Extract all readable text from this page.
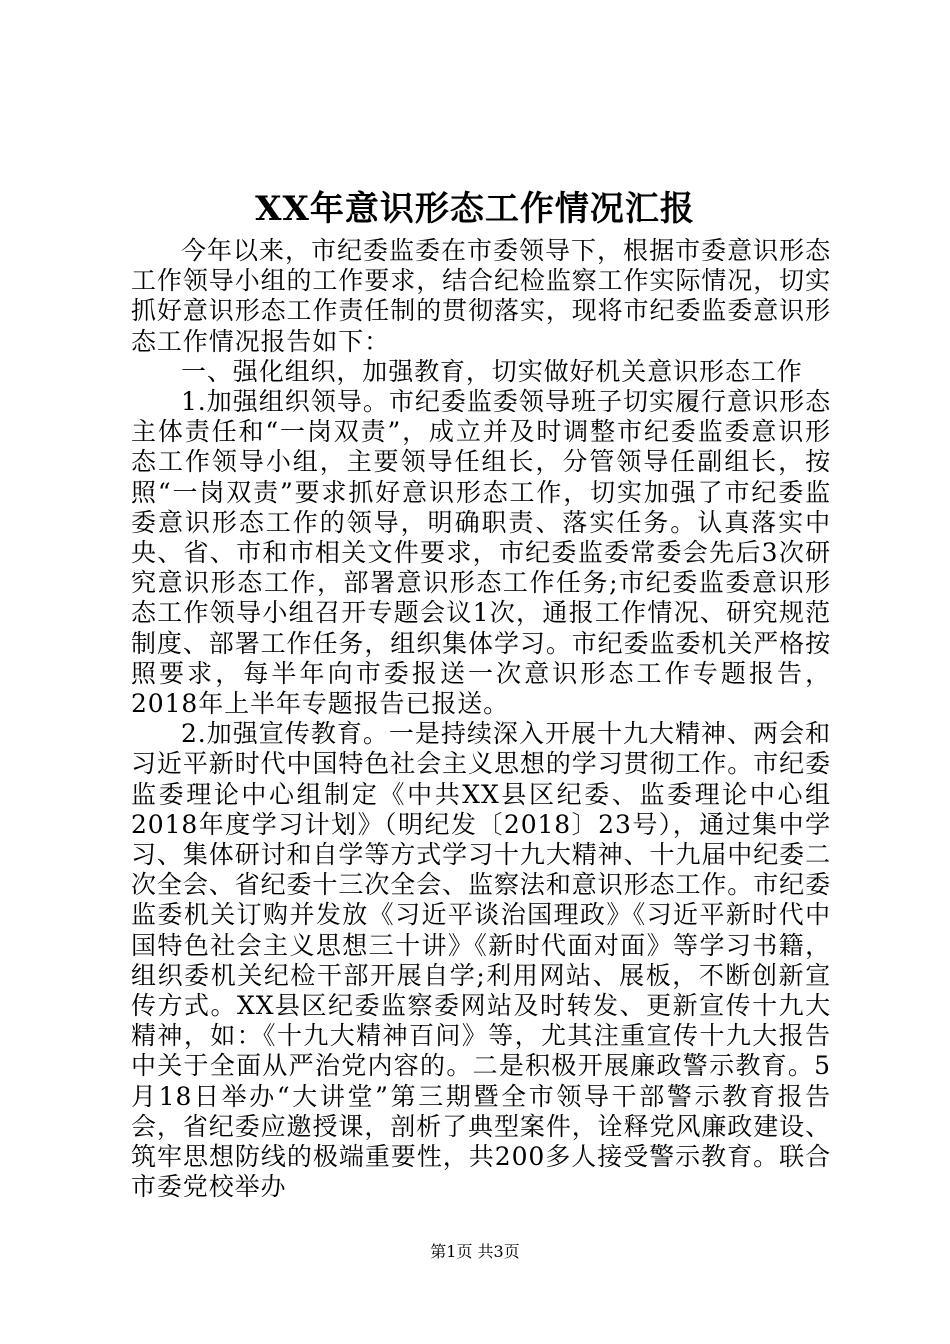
XX年意识形态工作情况汇报

今年以来，市纪委监委在市委领导下，根据市委意识形态工作领导小组的工作要求，结合纪检监察工作实际情况，切实抓好意识形态工作责任制的贯彻落实，现将市纪委监委意识形态工作情况报告如下：

一、强化组织，加强教育，切实做好机关意识形态工作

1.加强组织领导。市纪委监委领导班子切实履行意识形态主体责任和“一岗双责”，成立并及时调整市纪委监委意识形态工作领导小组，主要领导任组长，分管领导任副组长，按照“一岗双责”要求抓好意识形态工作，切实加强了市纪委监委意识形态工作的领导，明确职责、落实任务。认真落实中央、省、市和市相关文件要求，市纪委监委常委会先后3次研究意识形态工作，部署意识形态工作任务;市纪委监委意识形态工作领导小组召开专题会议1次，通报工作情况、研究规范制度、部署工作任务，组织集体学习。市纪委监委机关严格按照要求，每半年向市委报送一次意识形态工作专题报告，2018年上半年专题报告已报送。

2.加强宣传教育。一是持续深入开展十九大精神、两会和习近平新时代中国特色社会主义思想的学习贯彻工作。市纪委监委理论中心组制定《中共XX县区纪委、监委理论中心组2018年度学习计划》（明纪发〔2018〕23号），通过集中学习、集体研讨和自学等方式学习十九大精神、十九届中纪委二次全会、省纪委十三次全会、监察法和意识形态工作。市纪委监委机关订购并发放《习近平谈治国理政》《习近平新时代中国特色社会主义思想三十讲》《新时代面对面》等学习书籍，组织委机关纪检干部开展自学;利用网站、展板，不断创新宣传方式。XX县区纪委监察委网站及时转发、更新宣传十九大精神，如：《十九大精神百问》等，尤其注重宣传十九大报告中关于全面从严治党内容的。二是积极开展廉政警示教育。5月18日举办“大讲堂”第三期暨全市领导干部警示教育报告会，省纪委应邀授课，剖析了典型案件，诠释党风廉政建设、筑牢思想防线的极端重要性，共200多人接受警示教育。联合市委党校举办

第1页 共3页
